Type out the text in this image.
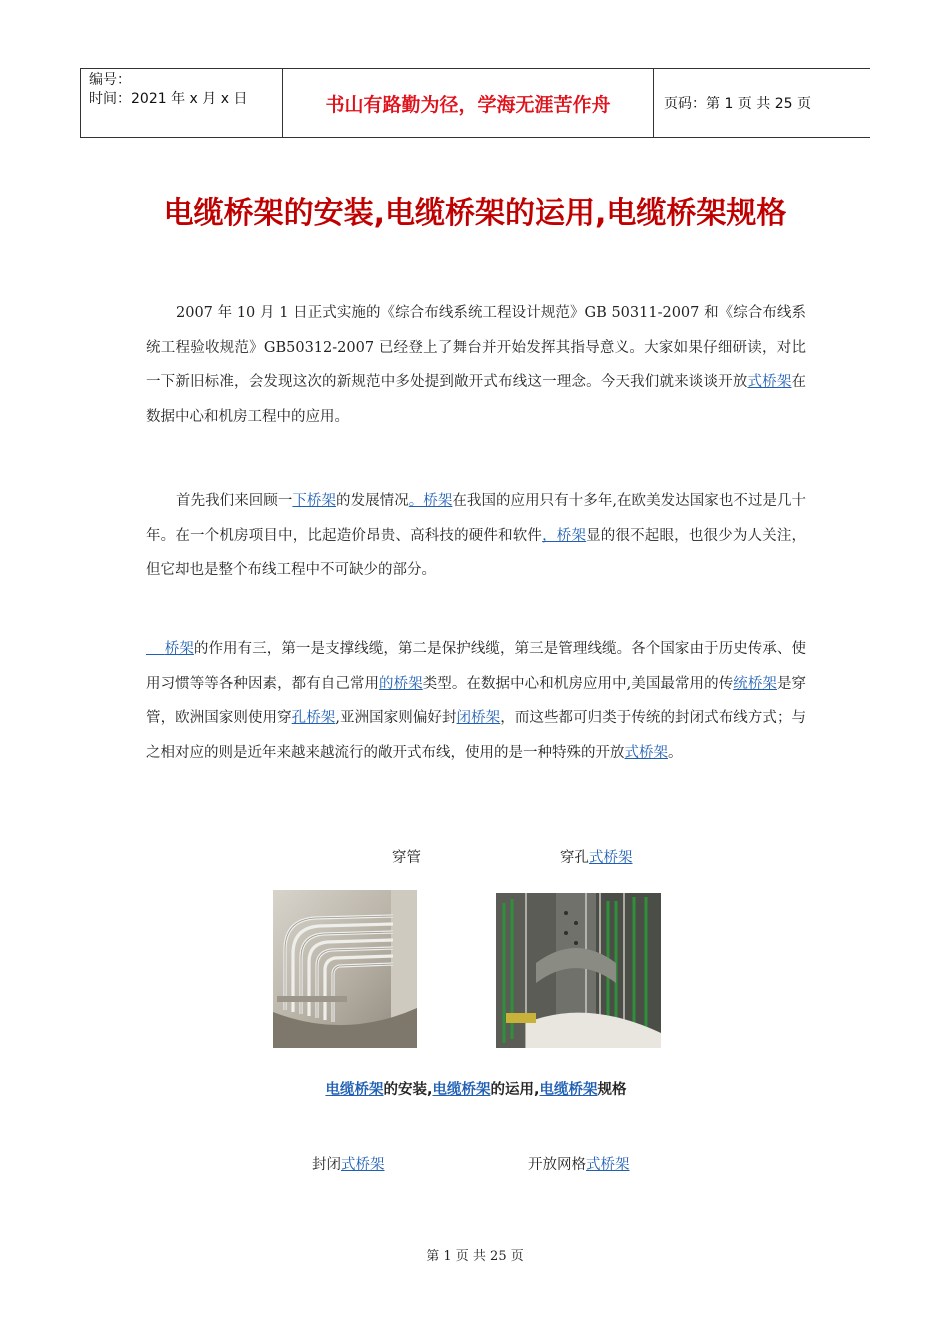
编号：
时间：2021 年 x 月 x 日	书山有路勤为径，学海无涯苦作舟	页码：第 1 页 共 25 页
电缆桥架的安装,电缆桥架的运用,电缆桥架规格
2007 年 10 月 1 日正式实施的《综合布线系统工程设计规范》GB 50311-2007 和《综合布线系统工程验收规范》GB50312-2007 已经登上了舞台并开始发挥其指导意义。大家如果仔细研读，对比一下新旧标准，会发现这次的新规范中多处提到敞开式布线这一理念。今天我们就来谈谈开放式桥架在数据中心和机房工程中的应用。
首先我们来回顾一下桥架的发展情况。桥架在我国的应用只有十多年,在欧美发达国家也不过是几十年。在一个机房项目中，比起造价昂贵、高科技的硬件和软件，桥架显的很不起眼，也很少为人关注，但它却也是整个布线工程中不可缺少的部分。
桥架的作用有三，第一是支撑线缆，第二是保护线缆，第三是管理线缆。各个国家由于历史传承、使用习惯等等各种因素，都有自己常用的桥架类型。在数据中心和机房应用中,美国最常用的传统桥架是穿管，欧洲国家则使用穿孔桥架,亚洲国家则偏好封闭桥架，而这些都可归类于传统的封闭式布线方式；与之相对应的则是近年来越来越流行的敞开式布线，使用的是一种特殊的开放式桥架。
穿管	穿孔式桥架
电缆桥架的安装,电缆桥架的运用,电缆桥架规格
封闭式桥架	开放网格式桥架
第 1 页 共 25 页
